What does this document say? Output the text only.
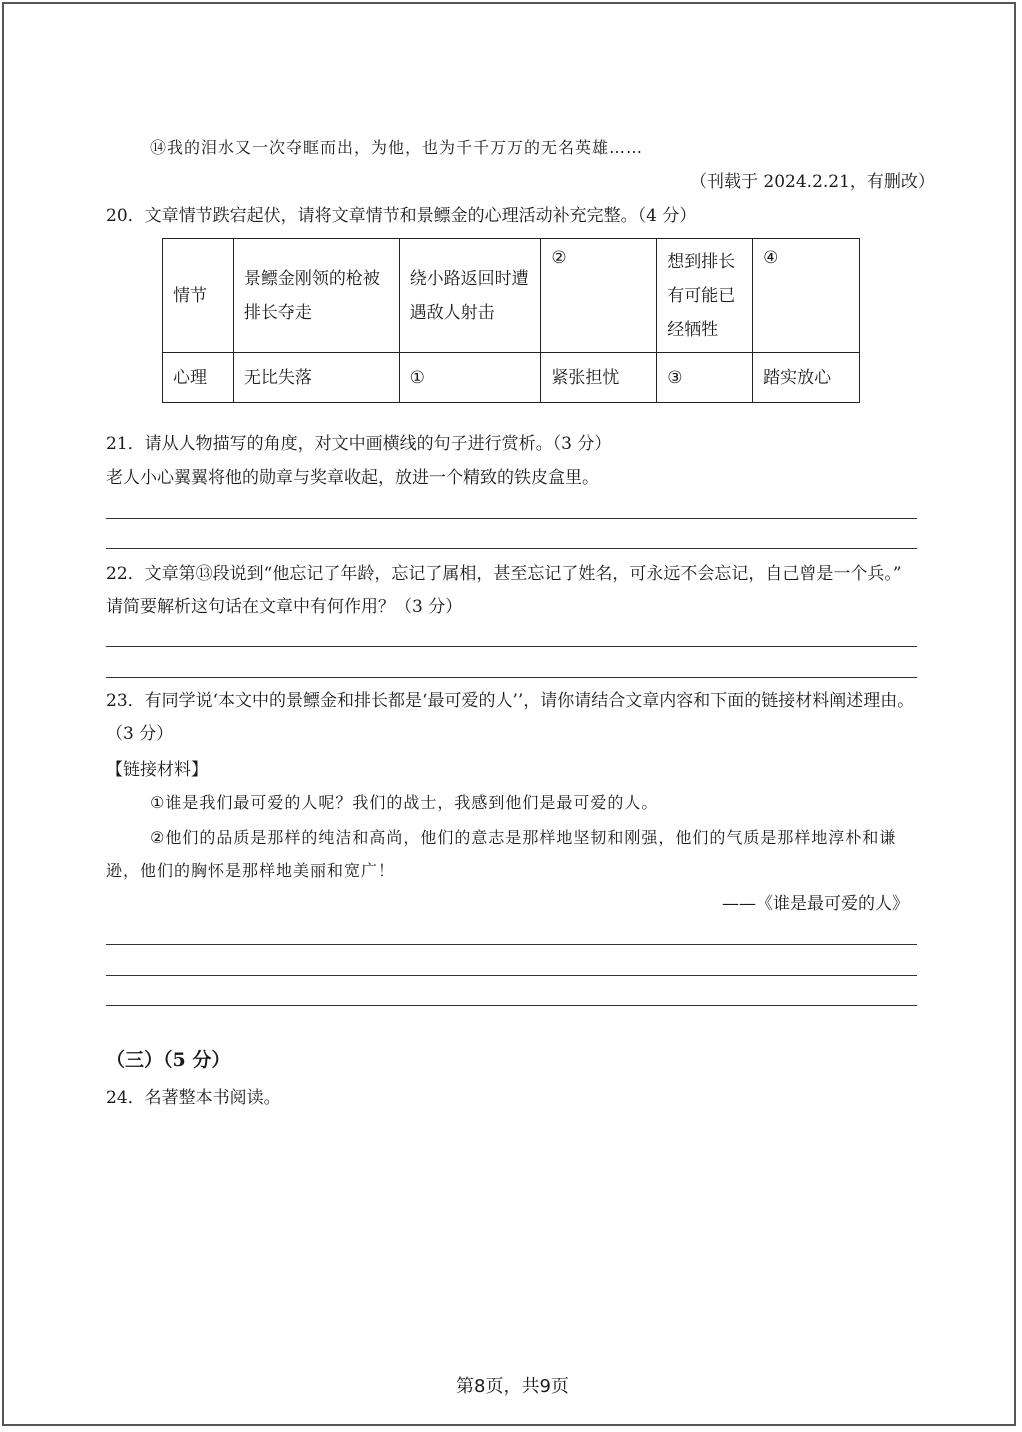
⑭我的泪水又一次夺眶而出，为他，也为千千万万的无名英雄……
（刊载于 2024.2.21，有删改）
20．文章情节跌宕起伏，请将文章情节和景鳔金的心理活动补充完整。（4 分）
情节	景鳔金刚领的枪被排长夺走	绕小路返回时遭遇敌人射击	②	想到排长有可能已经牺牲	④
心理	无比失落	①	紧张担忧	③	踏实放心
21．请从人物描写的角度，对文中画横线的句子进行赏析。（3 分）
老人小心翼翼将他的勋章与奖章收起，放进一个精致的铁皮盒里。
22．文章第⑬段说到“他忘记了年龄，忘记了属相，甚至忘记了姓名，可永远不会忘记，自己曾是一个兵。”
请简要解析这句话在文章中有何作用？（3 分）
23．有同学说‘本文中的景鳔金和排长都是‘最可爱的人’’，请你请结合文章内容和下面的链接材料阐述理由。
（3 分）
【链接材料】
①谁是我们最可爱的人呢？我们的战士，我感到他们是最可爱的人。
②他们的品质是那样的纯洁和高尚，他们的意志是那样地坚韧和刚强，他们的气质是那样地淳朴和谦
逊，他们的胸怀是那样地美丽和宽广！
——《谁是最可爱的人》
（三）（5 分）
24．名著整本书阅读。
第8页，共9页
